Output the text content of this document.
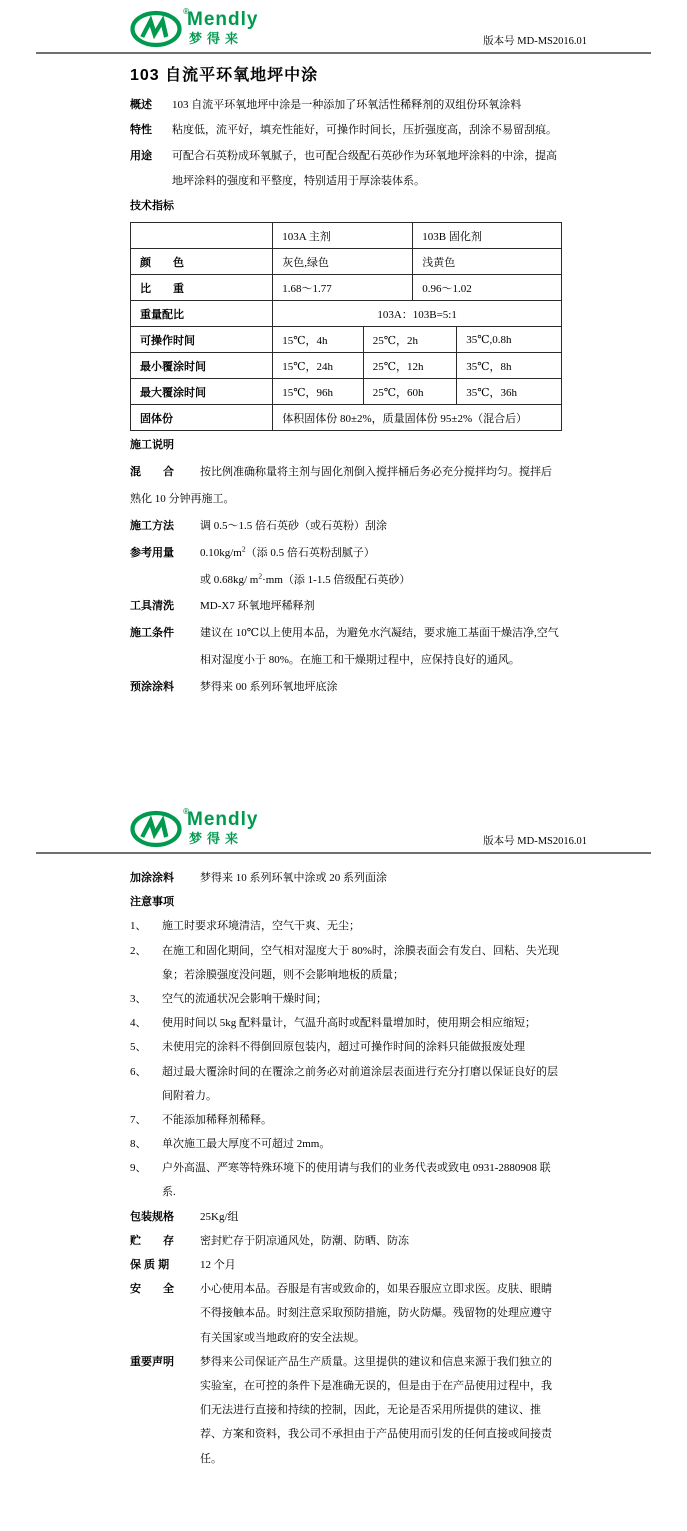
®
Mendly
梦得来	版本号 MD-MS2016.01
103 自流平环氧地坪中涂
概述	103 自流平环氧地坪中涂是一种添加了环氧活性稀释剂的双组份环氧涂料
特性	粘度低，流平好，填充性能好，可操作时间长，压折强度高，刮涂不易留刮痕。
用途	可配合石英粉成环氧腻子，也可配合级配石英砂作为环氧地坪涂料的中涂，提高地坪涂料的强度和平整度，特别适用于厚涂装体系。
技术指标
	103A 主剂		103B 固化剂	
颜　　色	灰色,绿色		浅黄色	
比　　重	1.68～1.77		0.96～1.02	
重量配比	103A：103B=5:1			
可操作时间	15℃，4h	25℃，2h		35℃,0.8h
最小覆涂时间	15℃，24h	25℃，12h		35℃，8h
最大覆涂时间	15℃，96h	25℃，60h		35℃，36h
固体份	体积固体份 80±2%，质量固体份 95±2%（混合后）			
施工说明

混　　合 按比例准确称量将主剂与固化剂倒入搅拌桶后务必充分搅拌均匀。搅拌后熟化 10 分钟再施工。

施工方法	调 0.5～1.5 倍石英砂（或石英粉）刮涂
参考用量	$0.10kg/m^2$（添 0.5 倍石英粉刮腻子）
或 0.68kg/ $m^2\cdot mm$（添 1-1.5 倍级配石英砂）
工具清洗	MD-X7 环氧地坪稀释剂
施工条件	建议在 10℃以上使用本品，为避免水汽凝结，要求施工基面干燥洁净,空气相对湿度小于 80%。在施工和干燥期过程中，应保持良好的通风。
预涂涂料	梦得来 00 系列环氧地坪底涂
®
Mendly
梦得来	版本号 MD-MS2016.01
加涂涂料	梦得来 10 系列环氧中涂或 20 系列面涂
注意事项
1、	施工时要求环境清洁，空气干爽、无尘；
2、	在施工和固化期间，空气相对湿度大于 80%时，涂膜表面会有发白、回粘、失光现象；若涂膜强度没问题，则不会影响地板的质量；
3、	空气的流通状况会影响干燥时间；
4、	使用时间以 5kg 配料量计，气温升高时或配料量增加时，使用期会相应缩短；
5、	未使用完的涂料不得倒回原包装内，超过可操作时间的涂料只能做报废处理
6、	超过最大覆涂时间的在覆涂之前务必对前道涂层表面进行充分打磨以保证良好的层间附着力。
7、	不能添加稀释剂稀释。
8、	单次施工最大厚度不可超过 2mm。
9、	户外高温、严寒等特殊环境下的使用请与我们的业务代表或致电 0931-2880908 联系.
包装规格	25Kg/组
贮　　存	密封贮存于阴凉通风处，防潮、防晒、防冻
保 质 期	12 个月
安　　全	小心使用本品。吞服是有害或致命的，如果吞服应立即求医。皮肤、眼睛不得接触本品。时刻注意采取预防措施，防火防爆。残留物的处理应遵守有关国家或当地政府的安全法规。
重要声明	梦得来公司保证产品生产质量。这里提供的建议和信息来源于我们独立的实验室，在可控的条件下是准确无误的，但是由于在产品使用过程中，我们无法进行直接和持续的控制，因此，无论是否采用所提供的建议、推荐、方案和资料，我公司不承担由于产品使用而引发的任何直接或间接责任。
